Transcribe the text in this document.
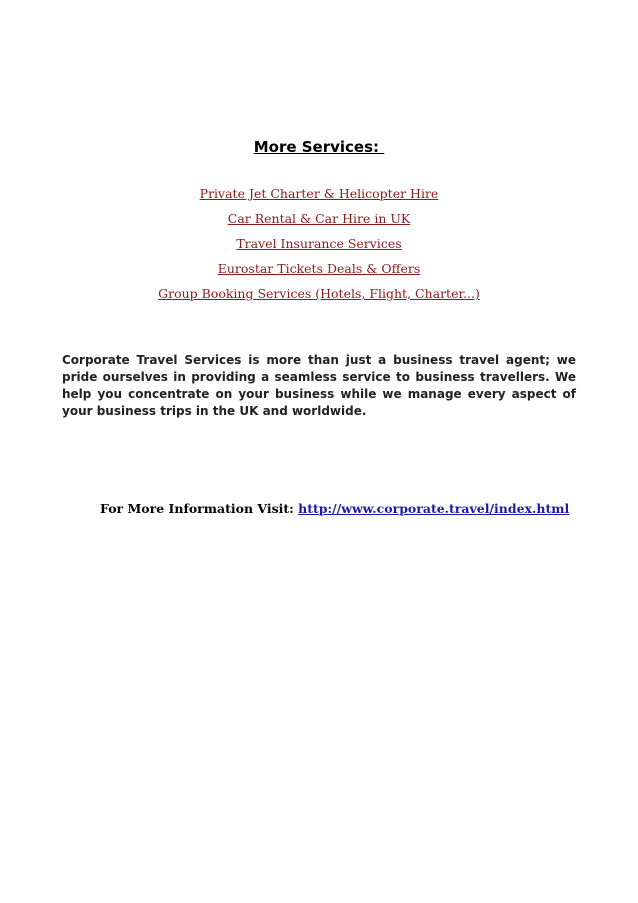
More Services:
Private Jet Charter & Helicopter Hire
Car Rental & Car Hire in UK
Travel Insurance Services
Eurostar Tickets Deals & Offers
Group Booking Services (Hotels, Flight, Charter...)

Corporate Travel Services is more than just a business travel agent; we pride ourselves in providing a seamless service to business travellers. We help you concentrate on your business while we manage every aspect of your business trips in the UK and worldwide.

For More Information Visit: http://www.corporate.travel/index.html
